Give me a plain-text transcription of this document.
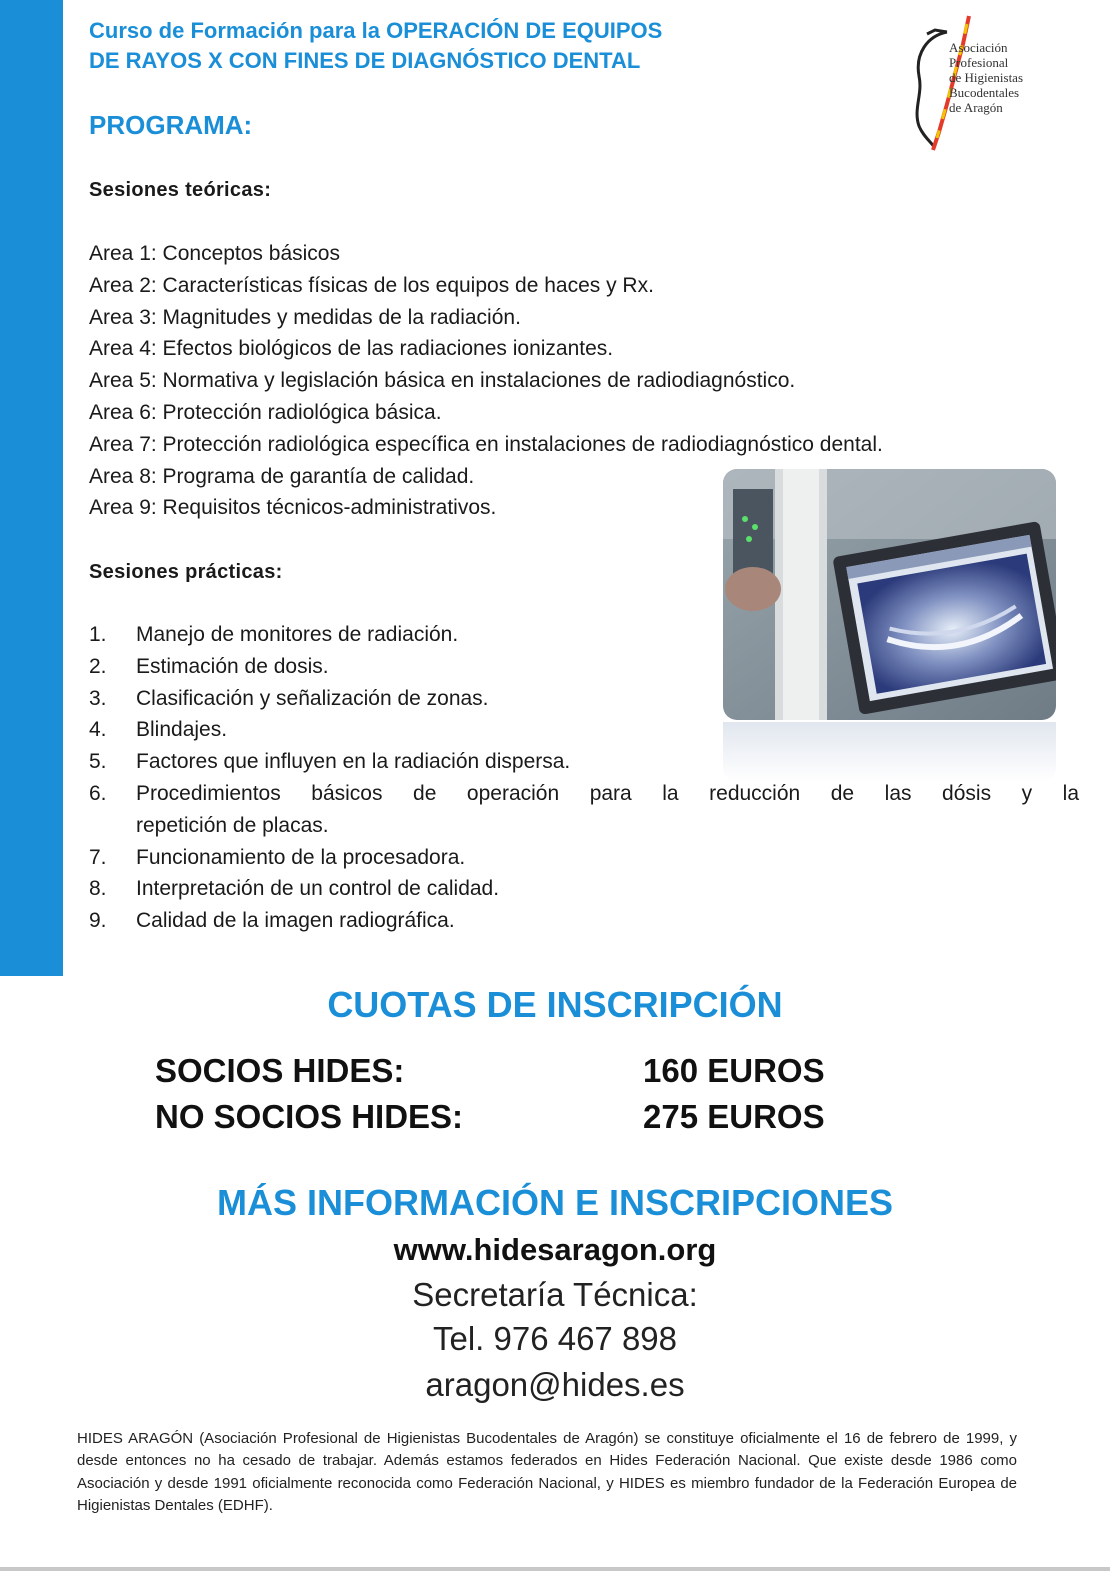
Curso de Formación para la OPERACIÓN DE EQUIPOS
DE RAYOS X CON FINES DE DIAGNÓSTICO DENTAL
Asociación
Profesional
de Higienistas
Bucodentales
de Aragón
PROGRAMA:
Sesiones teóricas:
Area 1: Conceptos básicos
Area 2: Características físicas de los equipos de haces y Rx.
Area 3: Magnitudes y medidas de la radiación.
Area 4: Efectos biológicos de las radiaciones ionizantes.
Area 5: Normativa y legislación básica en instalaciones de radiodiagnóstico.
Area 6: Protección radiológica básica.
Area 7: Protección radiológica específica en instalaciones de radiodiagnóstico dental.
Area 8: Programa de garantía de calidad.
Area 9: Requisitos técnicos-administrativos.
Sesiones prácticas:
1.	Manejo de monitores de radiación.
2.	Estimación de dosis.
3.	Clasificación y señalización de zonas.
4.	Blindajes.
5.	Factores que influyen en la radiación dispersa.
6.	Procedimientos básicos de operación para la reducción de las dósis y la
repetición de placas.
7.	Funcionamiento de la procesadora.
8.	Interpretación de un control de calidad.
9.	Calidad de la imagen radiográfica.
CUOTAS DE INSCRIPCIÓN
SOCIOS HIDES:	160 EUROS
NO SOCIOS HIDES:	275 EUROS
MÁS INFORMACIÓN E INSCRIPCIONES
www.hidesaragon.org
Secretaría Técnica:
Tel. 976 467 898
aragon@hides.es
HIDES ARAGÓN (Asociación Profesional de Higienistas Bucodentales de Aragón) se constituye oficialmente el 16 de febrero de 1999, y desde entonces no ha cesado de trabajar. Además estamos federados en Hides Federación Nacional. Que existe desde 1986 como Asociación y desde 1991 oficialmente reconocida como Federación Nacional, y HIDES es miembro fundador de la Federación Europea de Higienistas Dentales (EDHF).
